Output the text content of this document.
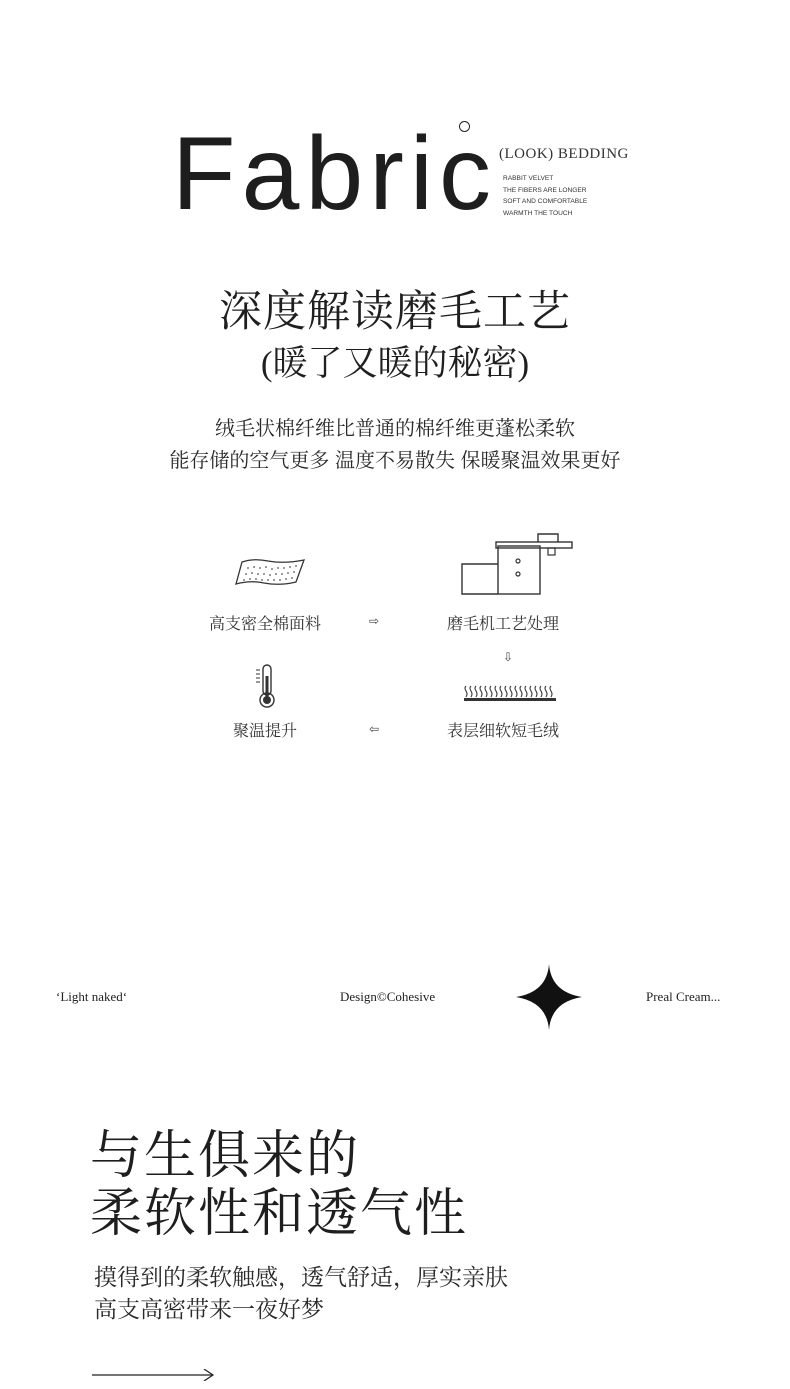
Fabric (LOOK) BEDDING
RABBIT VELVET
THE FIBERS ARE LONGER
SOFT AND COMFORTABLE
WARMTH THE TOUCH
深度解读磨毛工艺
(暖了又暖的秘密)
绒毛状棉纤维比普通的棉纤维更蓬松柔软
能存储的空气更多 温度不易散失 保暖聚温效果更好
高支密全棉面料	⇨	磨毛机工艺处理
⇩
聚温提升	⇦	表层细软短毛绒
‘Light naked‘	Design©Cohesive	Preal Cream...
与生俱来的
柔软性和透气性
摸得到的柔软触感，透气舒适，厚实亲肤
高支高密带来一夜好梦
